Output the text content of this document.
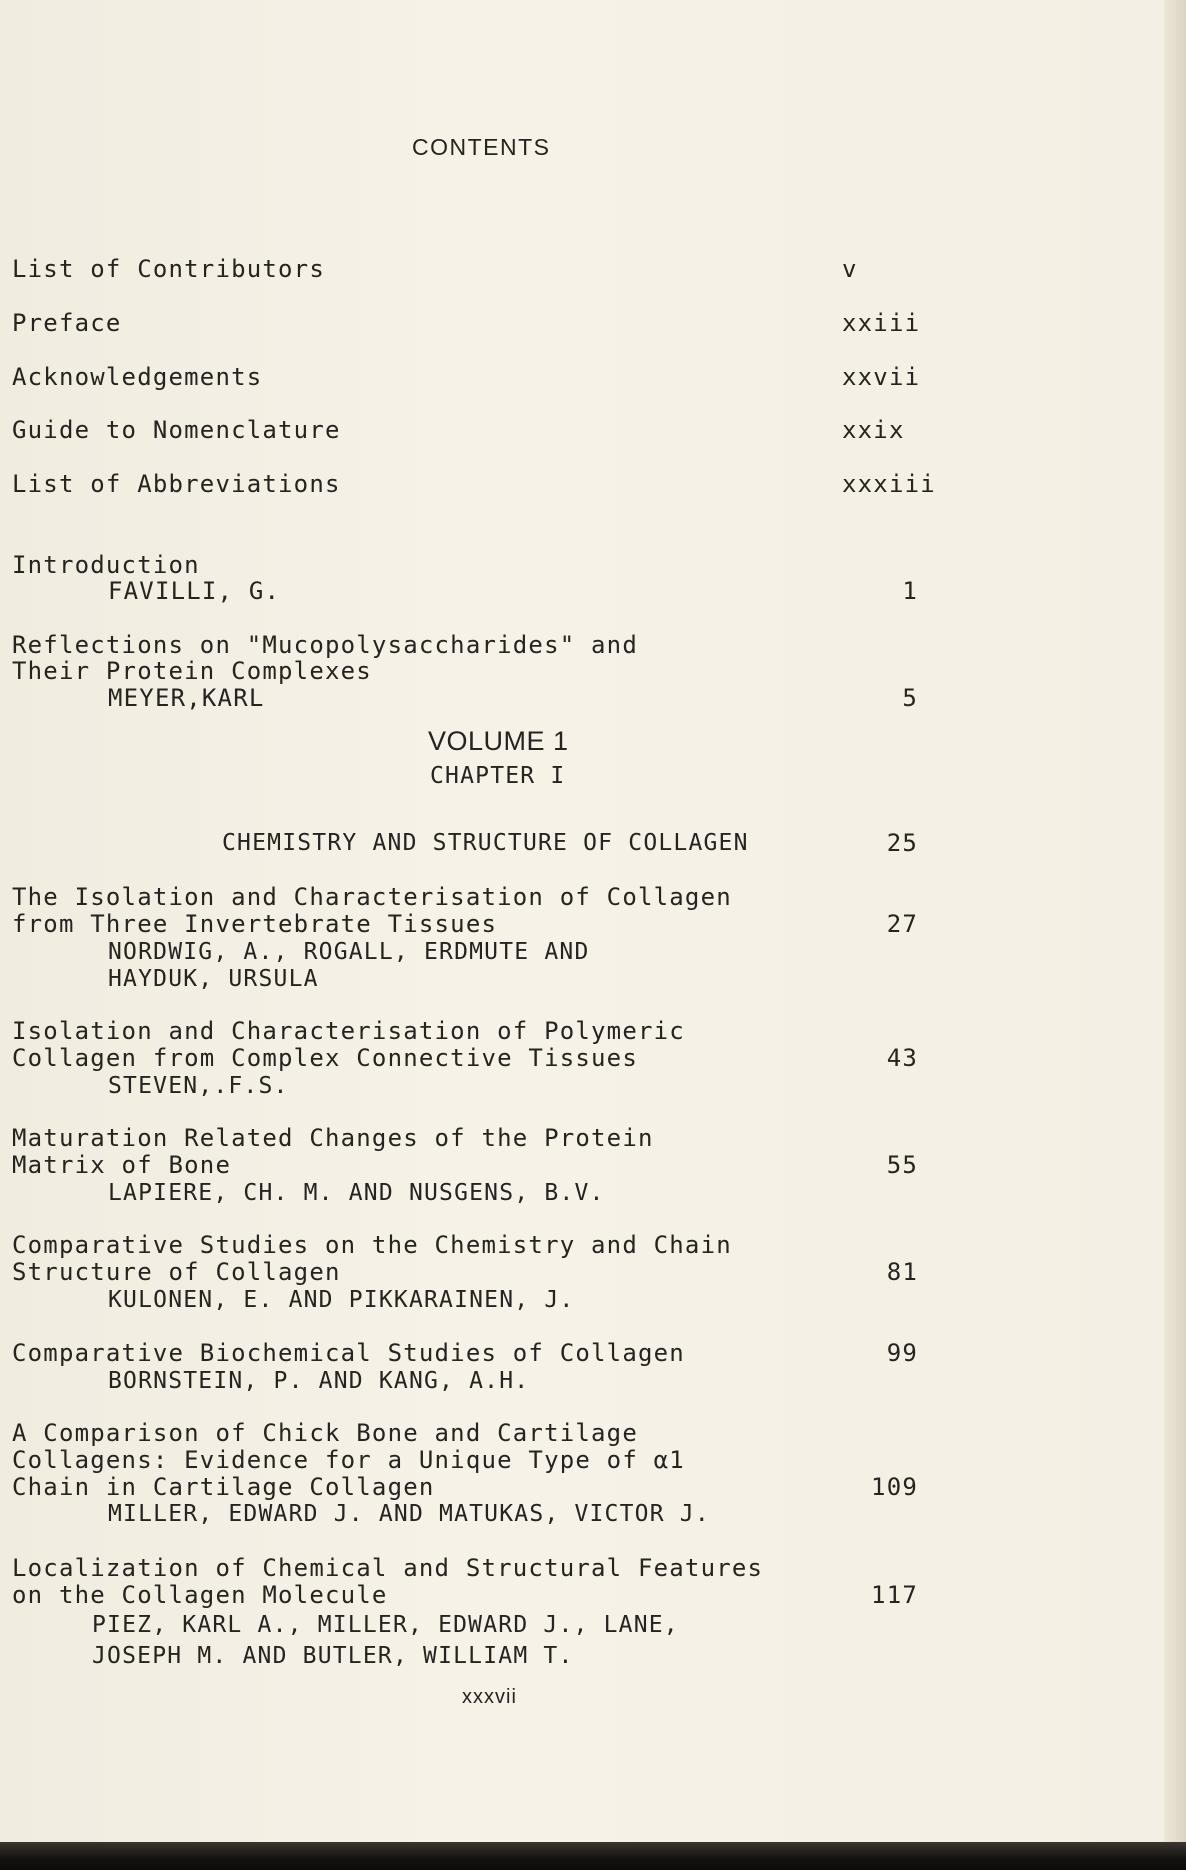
CONTENTS
List of Contributors	v
Preface	xxiii
Acknowledgements	xxvii
Guide to Nomenclature	xxix
List of Abbreviations	xxxiii
Introduction
FAVILLI, G.	1
Reflections on "Mucopolysaccharides" and
Their Protein Complexes
MEYER,KARL	5
VOLUME 1
CHAPTER I
CHEMISTRY AND STRUCTURE OF COLLAGEN	25
The Isolation and Characterisation of Collagen
from Three Invertebrate Tissues	27
NORDWIG, A., ROGALL, ERDMUTE AND
HAYDUK, URSULA
Isolation and Characterisation of Polymeric
Collagen from Complex Connective Tissues	43
STEVEN,.F.S.
Maturation Related Changes of the Protein
Matrix of Bone	55
LAPIERE, CH. M. AND NUSGENS, B.V.
Comparative Studies on the Chemistry and Chain
Structure of Collagen	81
KULONEN, E. AND PIKKARAINEN, J.
Comparative Biochemical Studies of Collagen	99
BORNSTEIN, P. AND KANG, A.H.
A Comparison of Chick Bone and Cartilage
Collagens: Evidence for a Unique Type of α1
Chain in Cartilage Collagen	109
MILLER, EDWARD J. AND MATUKAS, VICTOR J.
Localization of Chemical and Structural Features
on the Collagen Molecule	117
PIEZ, KARL A., MILLER, EDWARD J., LANE,
JOSEPH M. AND BUTLER, WILLIAM T.
xxxvii
